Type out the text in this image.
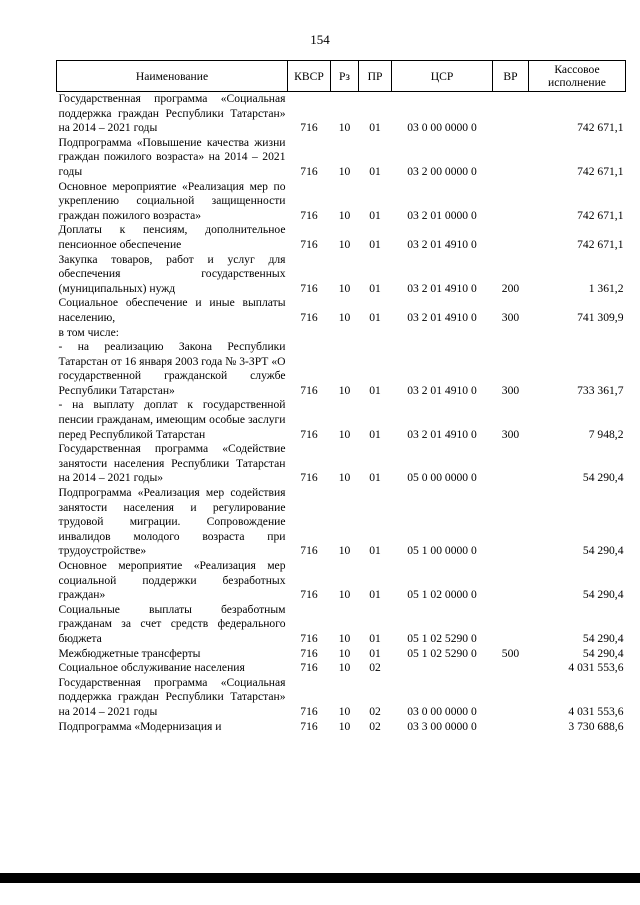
154
Наименование	КВСР	Рз	ПР	ЦСР	ВР	Кассовое исполнение
Государственная программа «Социальная поддержка граждан Республики Татарстан» на 2014 – 2021 годы	716	10	01	03 0 00 0000 0		742 671,1
Подпрограмма «Повышение качества жизни граждан пожилого возраста» на 2014 – 2021 годы	716	10	01	03 2 00 0000 0		742 671,1
Основное мероприятие «Реализация мер по укреплению социальной защищенности граждан пожилого возраста»	716	10	01	03 2 01 0000 0		742 671,1
Доплаты к пенсиям, дополнительное пенсионное обеспечение	716	10	01	03 2 01 4910 0		742 671,1
Закупка товаров, работ и услуг для обеспечения государственных (муниципальных) нужд	716	10	01	03 2 01 4910 0	200	1 361,2
Социальное обеспечение и иные выплаты населению,	716	10	01	03 2 01 4910 0	300	741 309,9
в том числе:						
- на реализацию Закона Республики Татарстан от 16 января 2003 года № 3-ЗРТ «О государственной гражданской службе Республики Татарстан»	716	10	01	03 2 01 4910 0	300	733 361,7
- на выплату доплат к государственной пенсии гражданам, имеющим особые заслуги перед Республикой Татарстан	716	10	01	03 2 01 4910 0	300	7 948,2
Государственная программа «Содействие занятости населения Республики Татарстан на 2014 – 2021 годы»	716	10	01	05 0 00 0000 0		54 290,4
Подпрограмма «Реализация мер содействия занятости населения и регулирование трудовой миграции. Сопровождение инвалидов молодого возраста при трудоустройстве»	716	10	01	05 1 00 0000 0		54 290,4
Основное мероприятие «Реализация мер социальной поддержки безработных граждан»	716	10	01	05 1 02 0000 0		54 290,4
Социальные выплаты безработным гражданам за счет средств федерального бюджета	716	10	01	05 1 02 5290 0		54 290,4
Межбюджетные трансферты	716	10	01	05 1 02 5290 0	500	54 290,4
Социальное обслуживание населения	716	10	02			4 031 553,6
Государственная программа «Социальная поддержка граждан Республики Татарстан» на 2014 – 2021 годы	716	10	02	03 0 00 0000 0		4 031 553,6
Подпрограмма «Модернизация и	716	10	02	03 3 00 0000 0		3 730 688,6
